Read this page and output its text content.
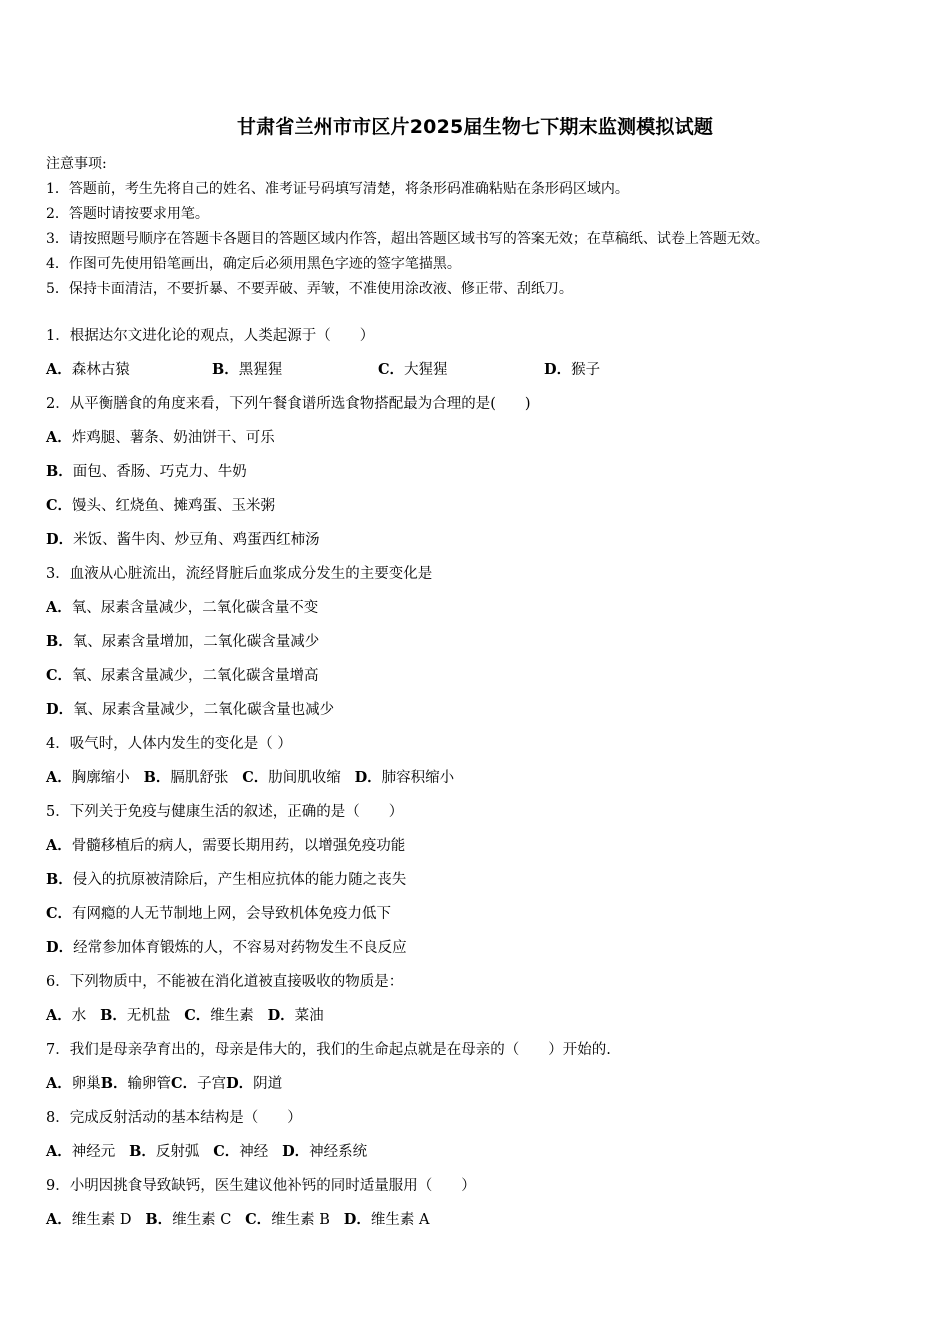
甘肃省兰州市市区片2025届生物七下期末监测模拟试题
注意事项:
1．答题前，考生先将自己的姓名、准考证号码填写清楚，将条形码准确粘贴在条形码区域内。
2．答题时请按要求用笔。
3．请按照题号顺序在答题卡各题目的答题区域内作答，超出答题区域书写的答案无效；在草稿纸、试卷上答题无效。
4．作图可先使用铅笔画出，确定后必须用黑色字迹的签字笔描黑。
5．保持卡面清洁，不要折暴、不要弄破、弄皱，不准使用涂改液、修正带、刮纸刀。
1．根据达尔文进化论的观点，人类起源于（　　）
A．森林古猿	B．黑猩猩	C．大猩猩	D．猴子
2．从平衡膳食的角度来看，下列午餐食谱所选食物搭配最为合理的是(　　)
A．炸鸡腿、薯条、奶油饼干、可乐
B．面包、香肠、巧克力、牛奶
C．馒头、红烧鱼、摊鸡蛋、玉米粥
D．米饭、酱牛肉、炒豆角、鸡蛋西红柿汤
3．血液从心脏流出，流经肾脏后血浆成分发生的主要变化是
A．氧、尿素含量减少，二氧化碳含量不变
B．氧、尿素含量增加，二氧化碳含量减少
C．氧、尿素含量减少，二氧化碳含量增高
D．氧、尿素含量减少，二氧化碳含量也减少
4．吸气时，人体内发生的变化是（ ）
A．胸廓缩小 B．膈肌舒张 C．肋间肌收缩 D．肺容积缩小
5．下列关于免疫与健康生活的叙述，正确的是（　　）
A．骨髓移植后的病人，需要长期用药，以增强免疫功能
B．侵入的抗原被清除后，产生相应抗体的能力随之丧失
C．有网瘾的人无节制地上网，会导致机体免疫力低下
D．经常参加体育锻炼的人，不容易对药物发生不良反应
6．下列物质中，不能被在消化道被直接吸收的物质是：
A．水 B．无机盐 C．维生素 D．菜油
7．我们是母亲孕育出的，母亲是伟大的，我们的生命起点就是在母亲的（　　）开始的.
A．卵巢B．输卵管C．子宫D．阴道
8．完成反射活动的基本结构是（　　）
A．神经元 B．反射弧 C．神经 D．神经系统
9．小明因挑食导致缺钙，医生建议他补钙的同时适量服用（　　）
A．维生素 D B．维生素 C C．维生素 B D．维生素 A
